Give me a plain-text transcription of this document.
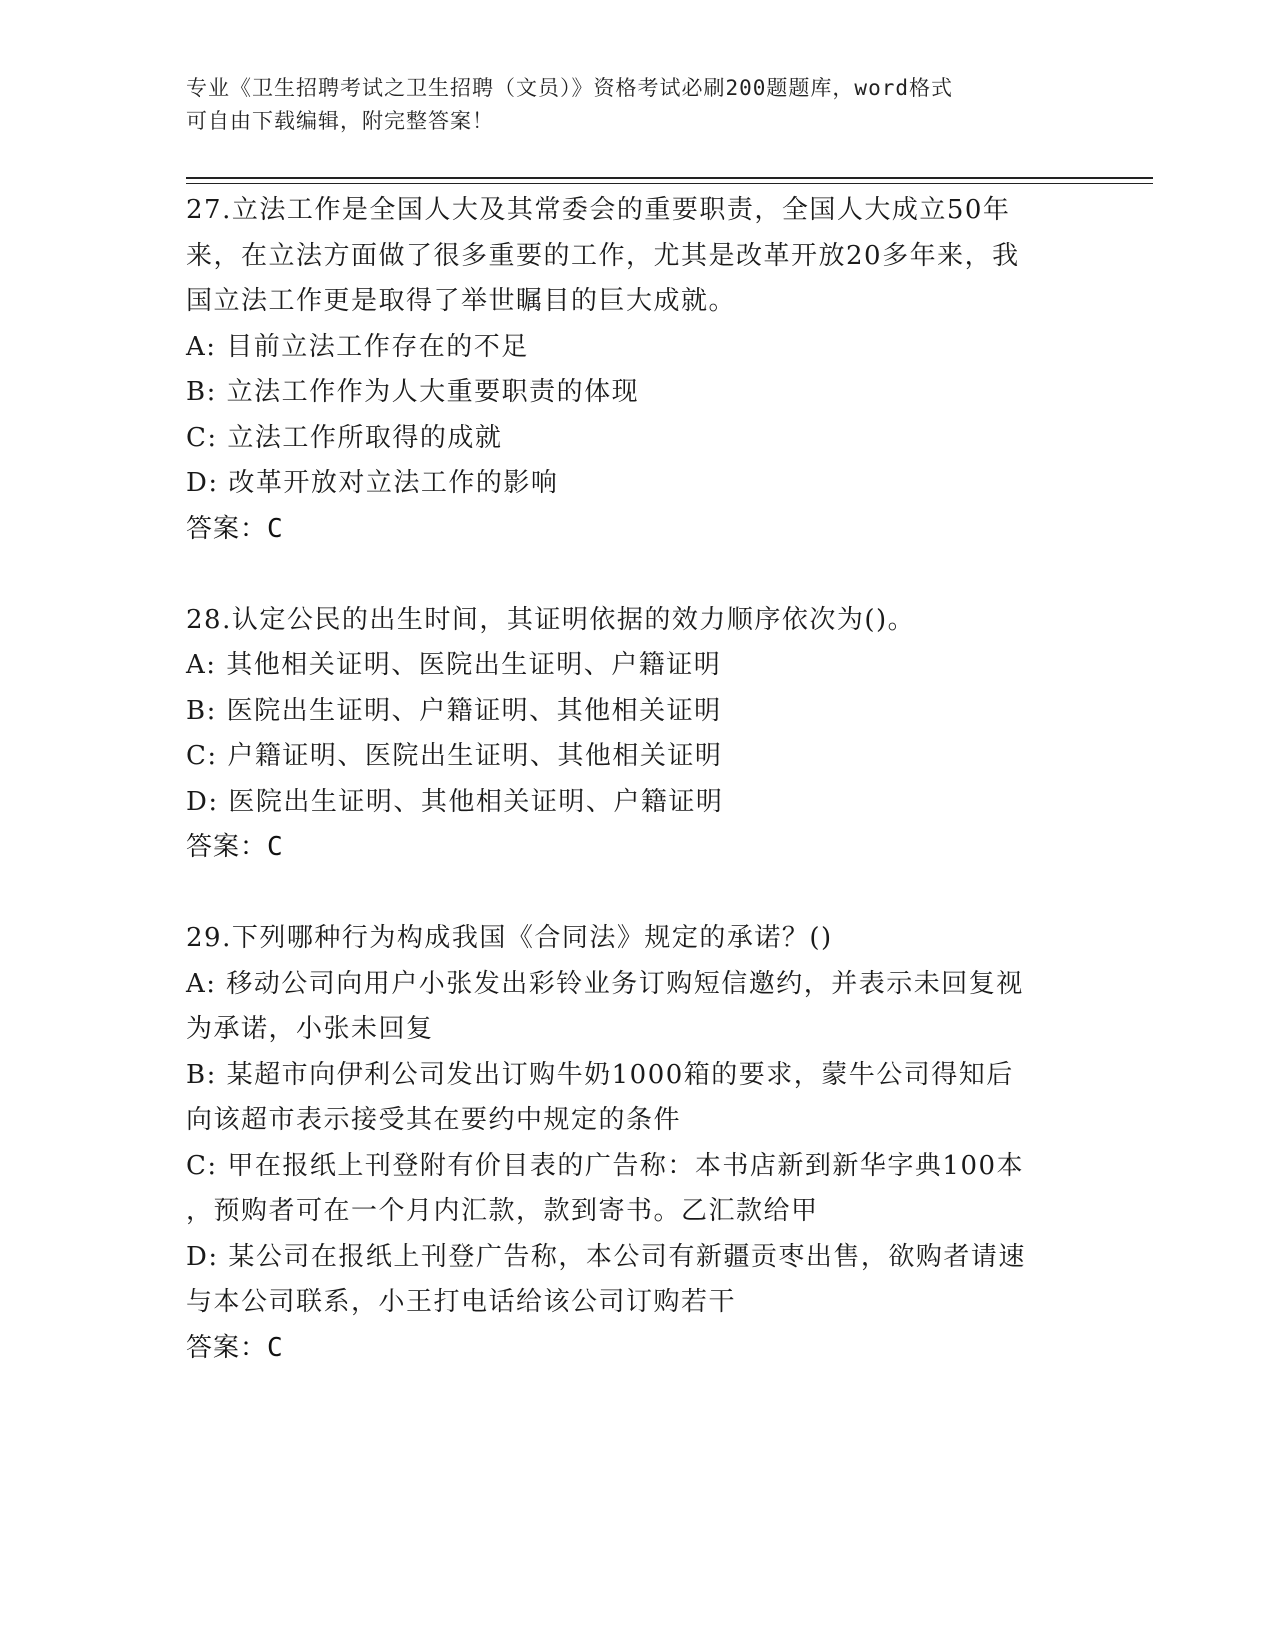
专业《卫生招聘考试之卫生招聘（文员）》资格考试必刷200题题库，word格式
可自由下载编辑，附完整答案！
27.立法工作是全国人大及其常委会的重要职责，全国人大成立50年
来，在立法方面做了很多重要的工作，尤其是改革开放20多年来，我
国立法工作更是取得了举世瞩目的巨大成就。
A: 目前立法工作存在的不足
B: 立法工作作为人大重要职责的体现
C: 立法工作所取得的成就
D: 改革开放对立法工作的影响
答案：C
28.认定公民的出生时间，其证明依据的效力顺序依次为()。
A: 其他相关证明、医院出生证明、户籍证明
B: 医院出生证明、户籍证明、其他相关证明
C: 户籍证明、医院出生证明、其他相关证明
D: 医院出生证明、其他相关证明、户籍证明
答案：C
29.下列哪种行为构成我国《合同法》规定的承诺？()
A: 移动公司向用户小张发出彩铃业务订购短信邀约，并表示未回复视
为承诺，小张未回复
B: 某超市向伊利公司发出订购牛奶1000箱的要求，蒙牛公司得知后
向该超市表示接受其在要约中规定的条件
C: 甲在报纸上刊登附有价目表的广告称：本书店新到新华字典100本
，预购者可在一个月内汇款，款到寄书。乙汇款给甲
D: 某公司在报纸上刊登广告称，本公司有新疆贡枣出售，欲购者请速
与本公司联系，小王打电话给该公司订购若干
答案：C
